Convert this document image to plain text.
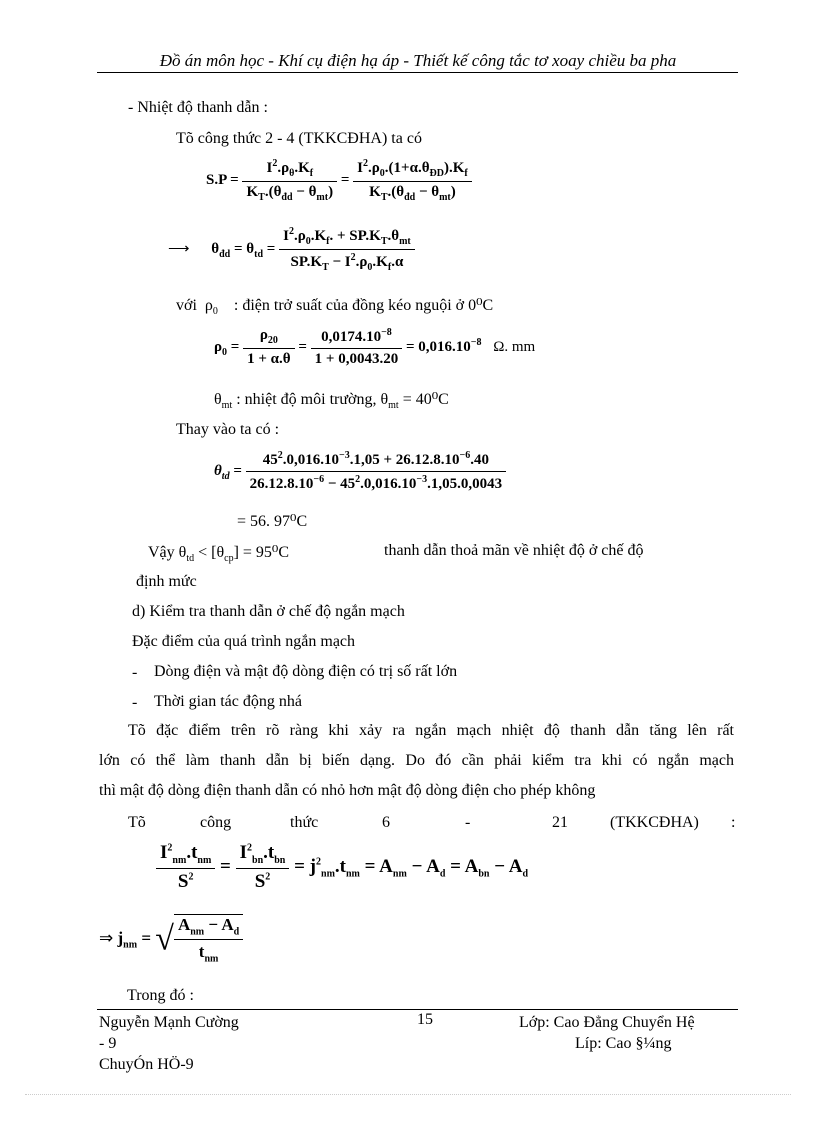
Đồ án môn học - Khí cụ điện hạ áp - Thiết kế công tắc tơ xoay chiều ba pha
- Nhiệt độ thanh dẫn :
Tõ công thức 2 - 4 (TKKCĐHA) ta có
$S.P = \frac{I^2.\rho_\theta.K_f}{K_T.(\theta_{đd} - \theta_{mt})} = \frac{I^2.\rho_0.(1+\alpha.\theta_{ĐD}).K_f}{K_T.(\theta_{đd} - \theta_{mt})}$
⟶ $\theta_{đd} = \theta_{td} = \frac{I^2.\rho_0.K_f. + SP.K_T.\theta_{mt}}{SP.K_T - I^2.\rho_0.K_f.\alpha}$
với $\rho_0$ : điện trở suất của đồng kéo nguội ở 0⁰C
$\rho_0 = \frac{\rho_{20}}{1 + \alpha.\theta} = \frac{0,0174.10^{-8}}{1 + 0,0043.20} = 0,016.10^{-8}$ Ω. mm
$\theta_{mt}$ : nhiệt độ môi trường, $\theta_{mt} = 40^0C$
Thay vào ta có :
$\theta_{td} = \frac{45^2.0,016.10^{-3}.1,05 + 26.12.8.10^{-6}.40}{26.12.8.10^{-6} - 45^2.0,016.10^{-3}.1,05.0,0043}$
= 56. 97⁰C
Vậy $\theta_{td} < [\theta_{cp}] = 95^0C$	thanh dẫn thoả mãn về nhiệt độ ở chế độ
định mức
d) Kiểm tra thanh dẫn ở chế độ ngắn mạch
Đặc điểm của quá trình ngắn mạch
- Dòng điện và mật độ dòng điện có trị số rất lớn
- Thời gian tác động nhá
Tõ đặc điểm trên rõ ràng khi xảy ra ngắn mạch nhiệt độ thanh dẫn tăng lên rất
lớn có thể làm thanh dẫn bị biến dạng. Do đó cần phải kiểm tra khi có ngắn mạch
thì mật độ dòng điện thanh dẫn có nhỏ hơn mật độ dòng điện cho phép không
Tõ	công	thức	6	-	21	(TKKCĐHA) :
$\frac{I^2_{nm}.t_{nm}}{S^2} = \frac{I^2_{bn}.t_{bn}}{S^2} = j^2_{nm}.t_{nm} = A_{nm} - A_d = A_{bn} - A_d$
⇒ $j_{nm}$ = √ $\frac{A_{nm} - A_d}{t_{nm}}$
Trong đó :
Nguyễn Mạnh Cường
- 9
ChuyÓn HÖ-9
15	Lớp: Cao Đẳng Chuyển Hệ
Líp: Cao §¼ng
